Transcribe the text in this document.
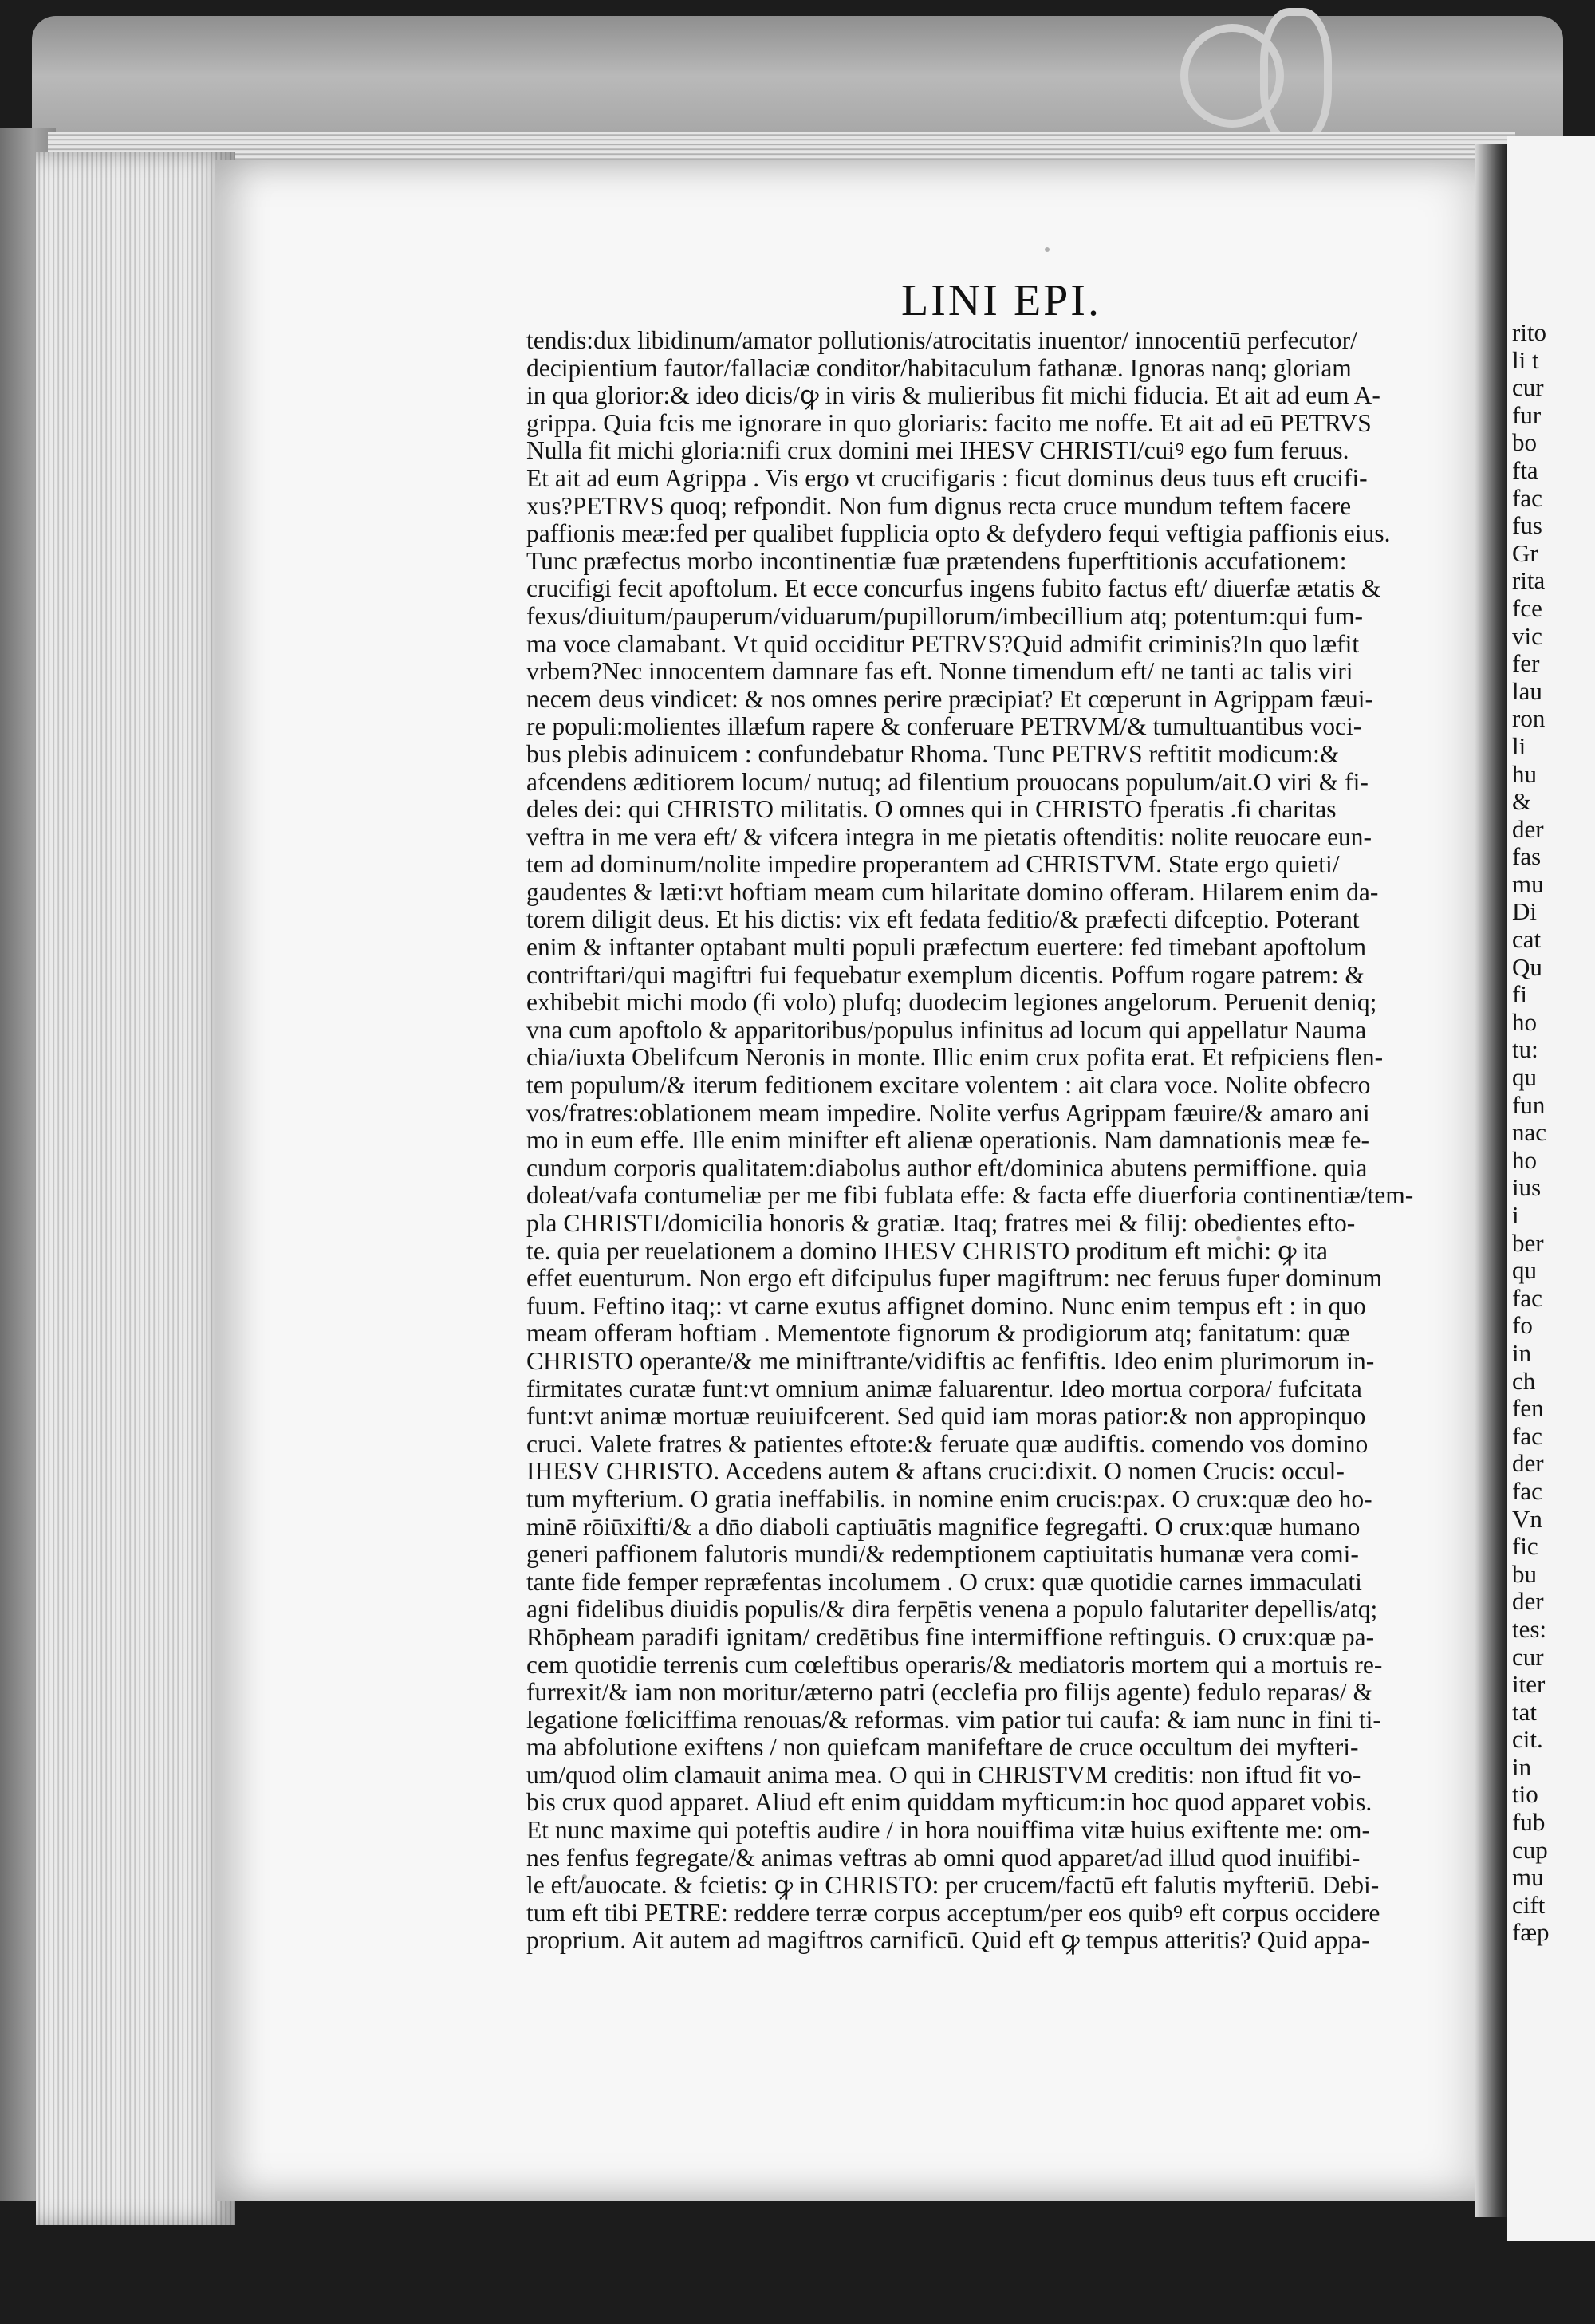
rito
li t
cur
fur
bo
fta
fac
fus
Gr
rita
fce
vic
fer
lau
ron
li
hu
&
der
fas
mu
Di
cat
Qu
fi
ho
tu:
qu
fun
nac
ho
ius
i
ber
qu
fac
fo
in
ch
fen
fac
der
fac
Vn
fic
bu
der
tes:
cur
iter
tat
cit.
in
tio
fub
cup
mu
cift
fæp
LINI EPI.
tendis:dux libidinum/amator pollutionis/atrocitatis inuentor/ innocentiū perfecutor/
decipientium fautor/fallaciæ conditor/habitaculum fathanæ. Ignoras nanq; gloriam
in qua glorior:& ideo dicis/ꝙ in viris & mulieribus fit michi fiducia. Et ait ad eum A-
grippa. Quia fcis me ignorare in quo gloriaris: facito me noffe. Et ait ad eū PETRVS
Nulla fit michi gloria:nifi crux domini mei IHESV CHRISTI/cuiꝰ ego fum feruus.
Et ait ad eum Agrippa . Vis ergo vt crucifigaris : ficut dominus deus tuus eft crucifi-
xus?PETRVS quoq; refpondit. Non fum dignus recta cruce mundum teftem facere
paffionis meæ:fed per qualibet fupplicia opto & defydero fequi veftigia paffionis eius.
Tunc præfectus morbo incontinentiæ fuæ prætendens fuperftitionis accufationem:
crucifigi fecit apoftolum. Et ecce concurfus ingens fubito factus eft/ diuerfæ ætatis &
fexus/diuitum/pauperum/viduarum/pupillorum/imbecillium atq; potentum:qui fum-
ma voce clamabant. Vt quid occiditur PETRVS?Quid admifit criminis?In quo læfit
vrbem?Nec innocentem damnare fas eft. Nonne timendum eft/ ne tanti ac talis viri
necem deus vindicet: & nos omnes perire præcipiat? Et cœperunt in Agrippam fæui-
re populi:molientes illæfum rapere & conferuare PETRVM/& tumultuantibus voci-
bus plebis adinuicem : confundebatur Rhoma. Tunc PETRVS reftitit modicum:&
afcendens æditiorem locum/ nutuq; ad filentium prouocans populum/ait.O viri & fi-
deles dei: qui CHRISTO militatis. O omnes qui in CHRISTO fperatis .fi charitas
veftra in me vera eft/ & vifcera integra in me pietatis oftenditis: nolite reuocare eun-
tem ad dominum/nolite impedire properantem ad CHRISTVM. State ergo quieti/
gaudentes & læti:vt hoftiam meam cum hilaritate domino offeram. Hilarem enim da-
torem diligit deus. Et his dictis: vix eft fedata feditio/& præfecti difceptio. Poterant
enim & inftanter optabant multi populi præfectum euertere: fed timebant apoftolum
contriftari/qui magiftri fui fequebatur exemplum dicentis. Poffum rogare patrem: &
exhibebit michi modo (fi volo) plufq; duodecim legiones angelorum. Peruenit deniq;
vna cum apoftolo & apparitoribus/populus infinitus ad locum qui appellatur Nauma
chia/iuxta Obelifcum Neronis in monte. Illic enim crux pofita erat. Et refpiciens flen-
tem populum/& iterum feditionem excitare volentem : ait clara voce. Nolite obfecro
vos/fratres:oblationem meam impedire. Nolite verfus Agrippam fæuire/& amaro ani
mo in eum effe. Ille enim minifter eft alienæ operationis. Nam damnationis meæ fe-
cundum corporis qualitatem:diabolus author eft/dominica abutens permiffione. quia
doleat/vafa contumeliæ per me fibi fublata effe: & facta effe diuerforia continentiæ/tem-
pla CHRISTI/domicilia honoris & gratiæ. Itaq; fratres mei & filij: obedientes efto-
te. quia per reuelationem a domino IHESV CHRISTO proditum eft michi: ꝙ ita
effet euenturum. Non ergo eft difcipulus fuper magiftrum: nec feruus fuper dominum
fuum. Feftino itaq;: vt carne exutus affignet domino. Nunc enim tempus eft : in quo
meam offeram hoftiam . Mementote fignorum & prodigiorum atq; fanitatum: quæ
CHRISTO operante/& me miniftrante/vidiftis ac fenfiftis. Ideo enim plurimorum in-
firmitates curatæ funt:vt omnium animæ faluarentur. Ideo mortua corpora/ fufcitata
funt:vt animæ mortuæ reuiuifcerent. Sed quid iam moras patior:& non appropinquo
cruci. Valete fratres & patientes eftote:& feruate quæ audiftis. comendo vos domino
IHESV CHRISTO. Accedens autem & aftans cruci:dixit. O nomen Crucis: occul-
tum myfterium. O gratia ineffabilis. in nomine enim crucis:pax. O crux:quæ deo ho-
minē rōiūxifti/& a dn̄o diaboli captiuātis magnifice fegregafti. O crux:quæ humano
generi paffionem falutoris mundi/& redemptionem captiuitatis humanæ vera comi-
tante fide femper repræfentas incolumem . O crux: quæ quotidie carnes immaculati
agni fidelibus diuidis populis/& dira ferpētis venena a populo falutariter depellis/atq;
Rhōpheam paradifi ignitam/ credētibus fine intermiffione reftinguis. O crux:quæ pa-
cem quotidie terrenis cum cœleftibus operaris/& mediatoris mortem qui a mortuis re-
furrexit/& iam non moritur/æterno patri (ecclefia pro filijs agente) fedulo reparas/ &
legatione fœliciffima renouas/& reformas. vim patior tui caufa: & iam nunc in fini ti-
ma abfolutione exiftens / non quiefcam manifeftare de cruce occultum dei myfteri-
um/quod olim clamauit anima mea. O qui in CHRISTVM creditis: non iftud fit vo-
bis crux quod apparet. Aliud eft enim quiddam myfticum:in hoc quod apparet vobis.
Et nunc maxime qui poteftis audire / in hora nouiffima vitæ huius exiftente me: om-
nes fenfus fegregate/& animas veftras ab omni quod apparet/ad illud quod inuifibi-
le eft/auocate. & fcietis: ꝙ in CHRISTO: per crucem/factū eft falutis myfteriū. Debi-
tum eft tibi PETRE: reddere terræ corpus acceptum/per eos quibꝰ eft corpus occidere
proprium. Ait autem ad magiftros carnificū. Quid eft ꝙ tempus atteritis? Quid appa-
